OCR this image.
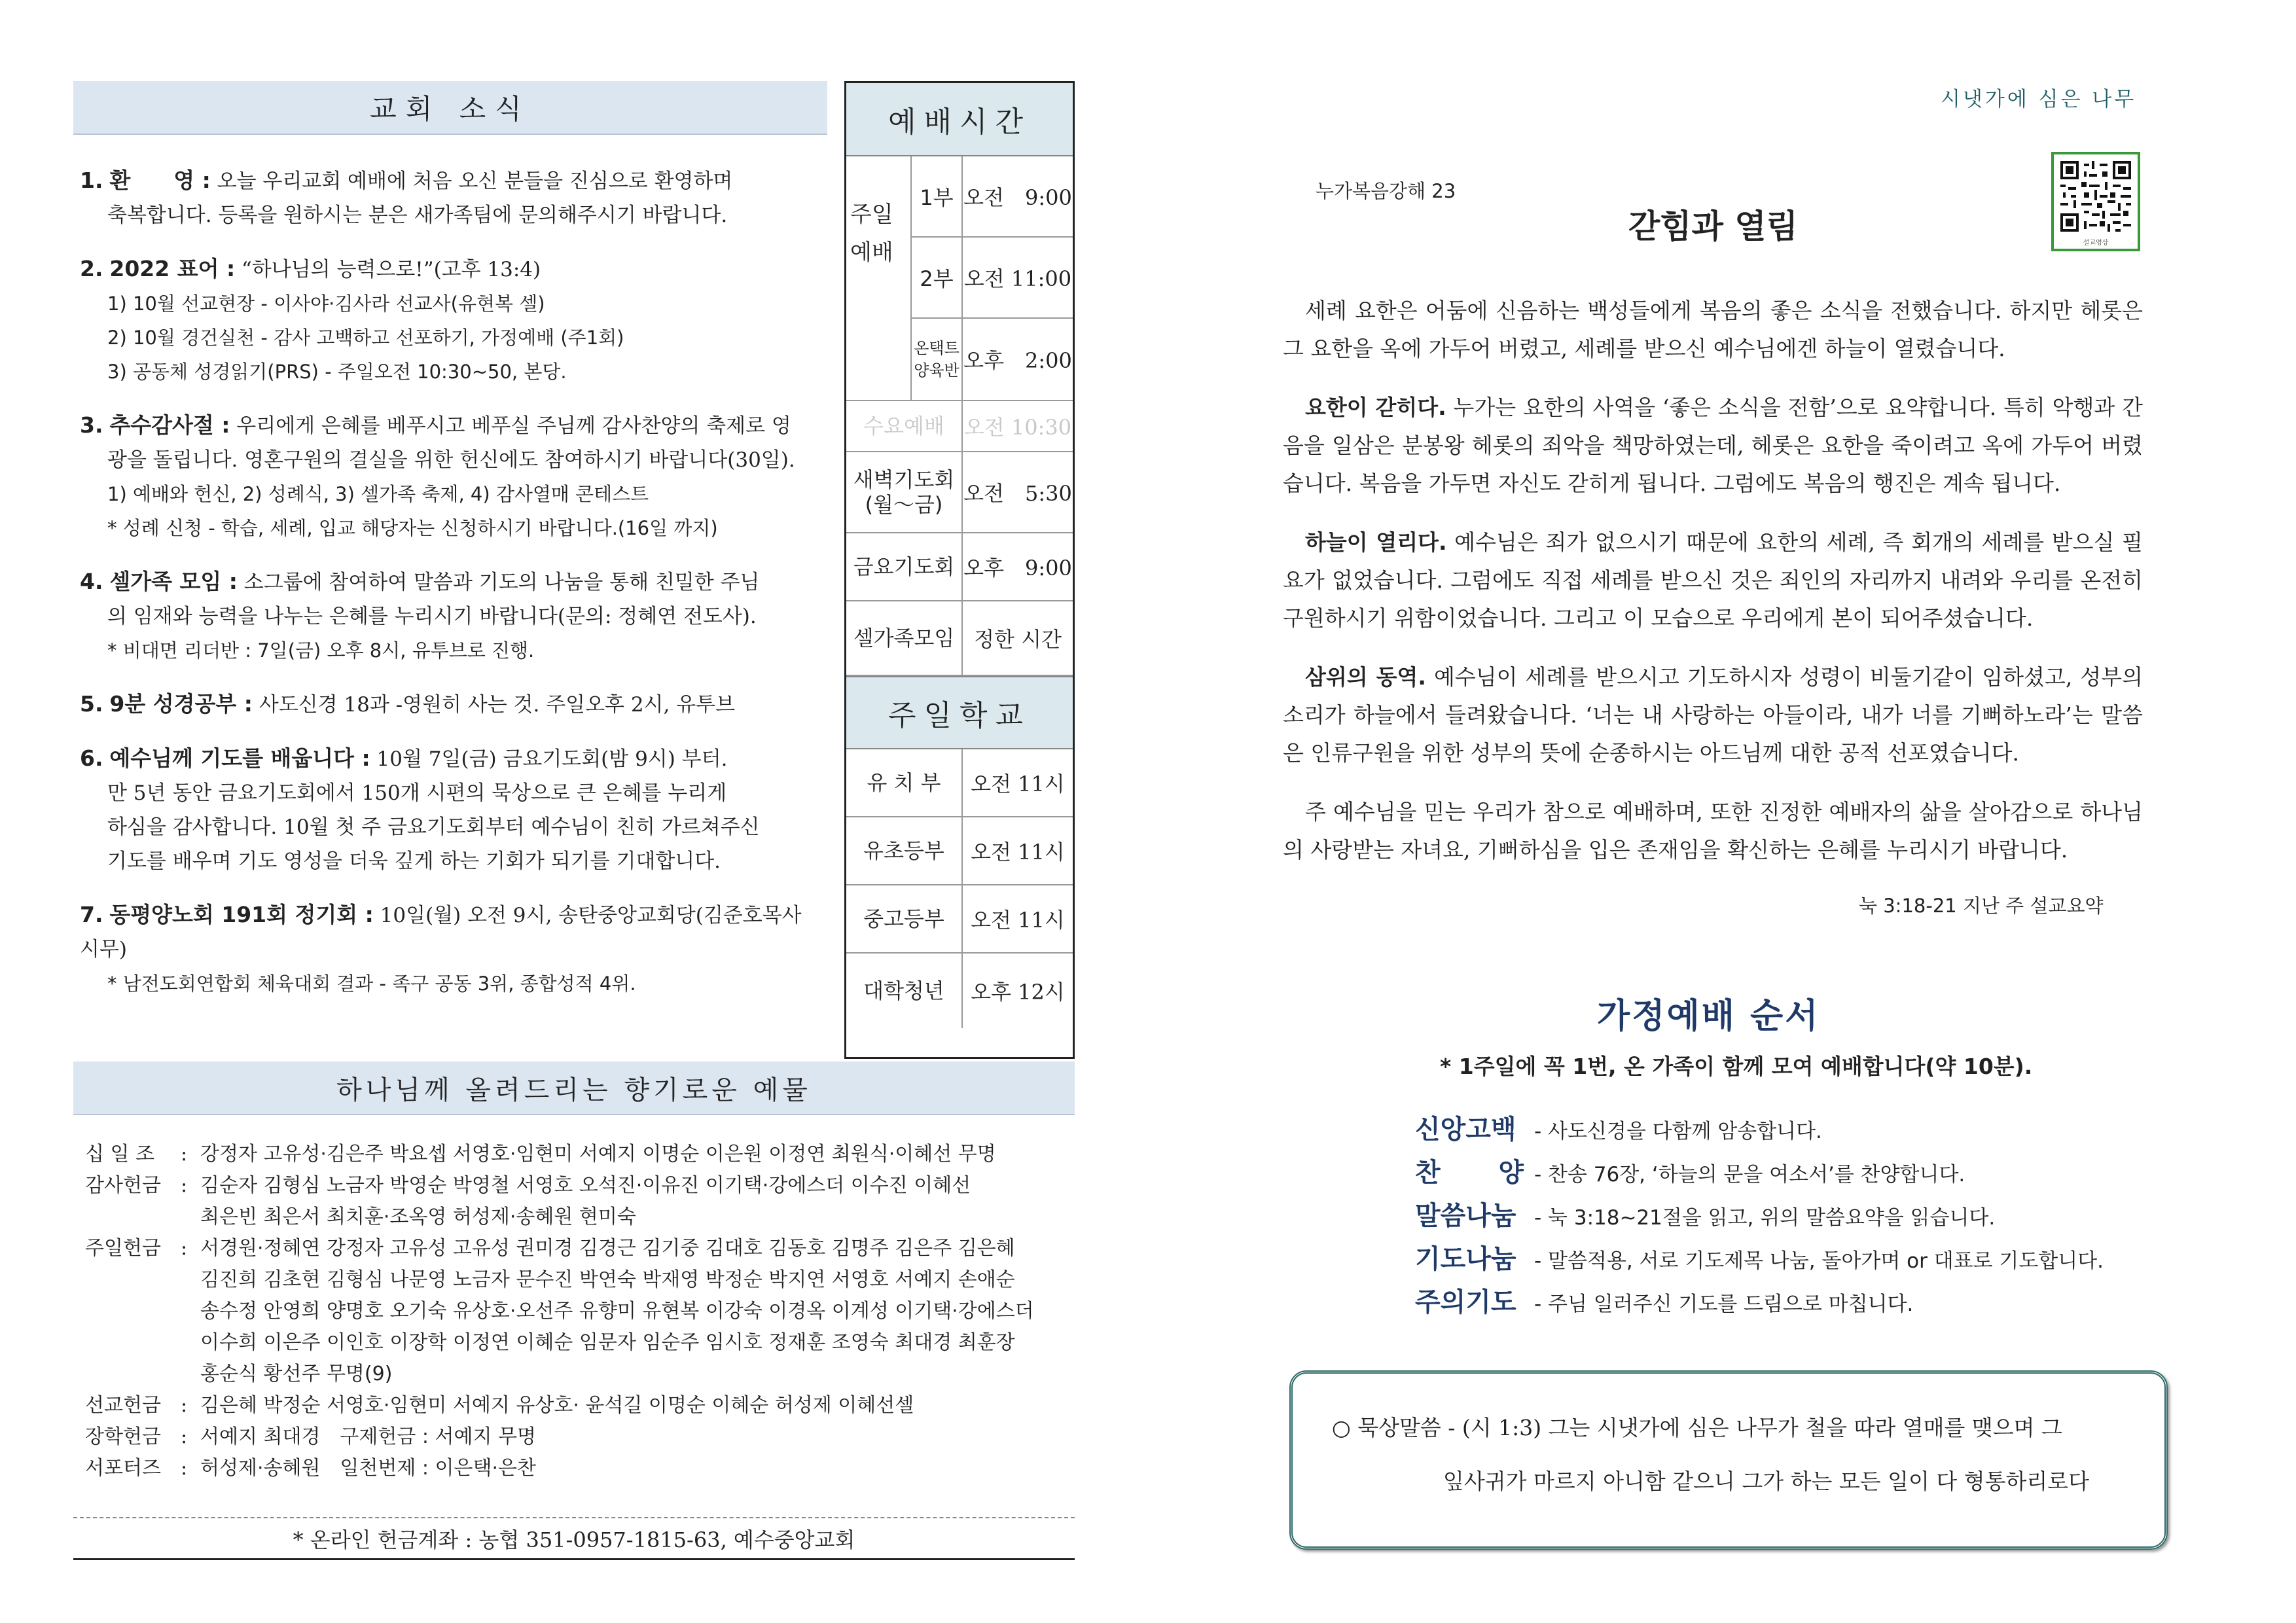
교회 소식
1. 환　　영 : 오늘 우리교회 예배에 처음 오신 분들을 진심으로 환영하며
축복합니다. 등록을 원하시는 분은 새가족팀에 문의해주시기 바랍니다.
2. 2022 표어 : “하나님의 능력으로!”(고후 13:4)
1) 10월 선교현장 - 이사야·김사라 선교사(유현복 셀)
2) 10월 경건실천 - 감사 고백하고 선포하기, 가정예배 (주1회)
3) 공동체 성경읽기(PRS) - 주일오전 10:30~50, 본당.
3. 추수감사절 : 우리에게 은혜를 베푸시고 베푸실 주님께 감사찬양의 축제로 영
광을 돌립니다. 영혼구원의 결실을 위한 헌신에도 참여하시기 바랍니다(30일).
1) 예배와 헌신, 2) 성례식, 3) 셀가족 축제, 4) 감사열매 콘테스트
* 성례 신청 - 학습, 세례, 입교 해당자는 신청하시기 바랍니다.(16일 까지)
4. 셀가족 모임 : 소그룹에 참여하여 말씀과 기도의 나눔을 통해 친밀한 주님
의 임재와 능력을 나누는 은혜를 누리시기 바랍니다(문의: 정혜연 전도사).
* 비대면 리더반 : 7일(금) 오후 8시, 유투브로 진행.
5. 9분 성경공부 : 사도신경 18과 -영원히 사는 것. 주일오후 2시, 유투브
6. 예수님께 기도를 배웁니다 : 10월 7일(금) 금요기도회(밤 9시) 부터.
만 5년 동안 금요기도회에서 150개 시편의 묵상으로 큰 은혜를 누리게
하심을 감사합니다. 10월 첫 주 금요기도회부터 예수님이 친히 가르쳐주신
기도를 배우며 기도 영성을 더욱 깊게 하는 기회가 되기를 기대합니다.
7. 동평양노회 191회 정기회 : 10일(월) 오전 9시, 송탄중앙교회당(김준호목사 시무)
* 남전도회연합회 체육대회 결과 - 족구 공동 3위, 종합성적 4위.
예배시간
주일 예배
1부 오전　9:00
2부 오전 11:00
온택트 양육반 오후　2:00
수요예배 오전 10:30
새벽기도회 (월～금) 오전　5:30
금요기도회 오후　9:00
셀가족모임 정한 시간
주일학교
유 치 부	오전 11시
유초등부	오전 11시
중고등부	오전 11시
대학청년	오후 12시
하나님께 올려드리는 향기로운 예물
십 일 조	: 강정자 고유성·김은주 박요셉 서영호·임현미 서예지 이명순 이은원 이정연 최원식·이혜선 무명
감사헌금	: 김순자 김형심 노금자 박영순 박영철 서영호 오석진·이유진 이기택·강에스더 이수진 이혜선
최은빈 최은서 최치훈·조옥영 허성제·송혜원 현미숙
주일헌금	: 서경원·정혜연 강정자 고유성 고유성 권미경 김경근 김기중 김대호 김동호 김명주 김은주 김은혜
김진희 김초현 김형심 나문영 노금자 문수진 박연숙 박재영 박정순 박지연 서영호 서예지 손애순
송수정 안영희 양명호 오기숙 유상호·오선주 유향미 유현복 이강숙 이경옥 이계성 이기택·강에스더
이수희 이은주 이인호 이장학 이정연 이혜순 임문자 임순주 임시호 정재훈 조영숙 최대경 최훈장
홍순식 황선주 무명(9)
선교헌금	: 김은혜 박정순 서영호·임현미 서예지 유상호· 윤석길 이명순 이혜순 허성제 이혜선셀
장학헌금	: 서예지 최대경　구제헌금 : 서예지 무명
서포터즈	: 허성제·송혜원　일천번제 : 이은택·은찬
* 온라인 헌금계좌 : 농협 351-0957-1815-63, 예수중앙교회
시냇가에 심은 나무
누가복음강해 23
갇힘과 열림	설교영상

세례 요한은 어둠에 신음하는 백성들에게 복음의 좋은 소식을 전했습니다. 하지만 헤롯은 그 요한을 옥에 가두어 버렸고, 세례를 받으신 예수님에겐 하늘이 열렸습니다.

요한이 갇히다. 누가는 요한의 사역을 ‘좋은 소식을 전함’으로 요약합니다. 특히 악행과 간음을 일삼은 분봉왕 헤롯의 죄악을 책망하였는데, 헤롯은 요한을 죽이려고 옥에 가두어 버렸습니다. 복음을 가두면 자신도 갇히게 됩니다. 그럼에도 복음의 행진은 계속 됩니다.

하늘이 열리다. 예수님은 죄가 없으시기 때문에 요한의 세례, 즉 회개의 세례를 받으실 필요가 없었습니다. 그럼에도 직접 세례를 받으신 것은 죄인의 자리까지 내려와 우리를 온전히 구원하시기 위함이었습니다. 그리고 이 모습으로 우리에게 본이 되어주셨습니다.

삼위의 동역. 예수님이 세례를 받으시고 기도하시자 성령이 비둘기같이 임하셨고, 성부의 소리가 하늘에서 들려왔습니다. ‘너는 내 사랑하는 아들이라, 내가 너를 기뻐하노라’는 말씀은 인류구원을 위한 성부의 뜻에 순종하시는 아드님께 대한 공적 선포였습니다.

주 예수님을 믿는 우리가 참으로 예배하며, 또한 진정한 예배자의 삶을 살아감으로 하나님의 사랑받는 자녀요, 기뻐하심을 입은 존재임을 확신하는 은혜를 누리시기 바랍니다.

눅 3:18-21 지난 주 설교요약
가정예배 순서
* 1주일에 꼭 1번, 온 가족이 함께 모여 예배합니다(약 10분).
신앙고백 - 사도신경을 다함께 암송합니다.
찬　　양 - 찬송 76장, ‘하늘의 문을 여소서’를 찬양합니다.
말씀나눔 - 눅 3:18~21절을 읽고, 위의 말씀요약을 읽습니다.
기도나눔 - 말씀적용, 서로 기도제목 나눔, 돌아가며 or 대표로 기도합니다.
주의기도 - 주님 일러주신 기도를 드림으로 마칩니다.
○ 묵상말씀 - (시 1:3) 그는 시냇가에 심은 나무가 철을 따라 열매를 맺으며 그
잎사귀가 마르지 아니함 같으니 그가 하는 모든 일이 다 형통하리로다
